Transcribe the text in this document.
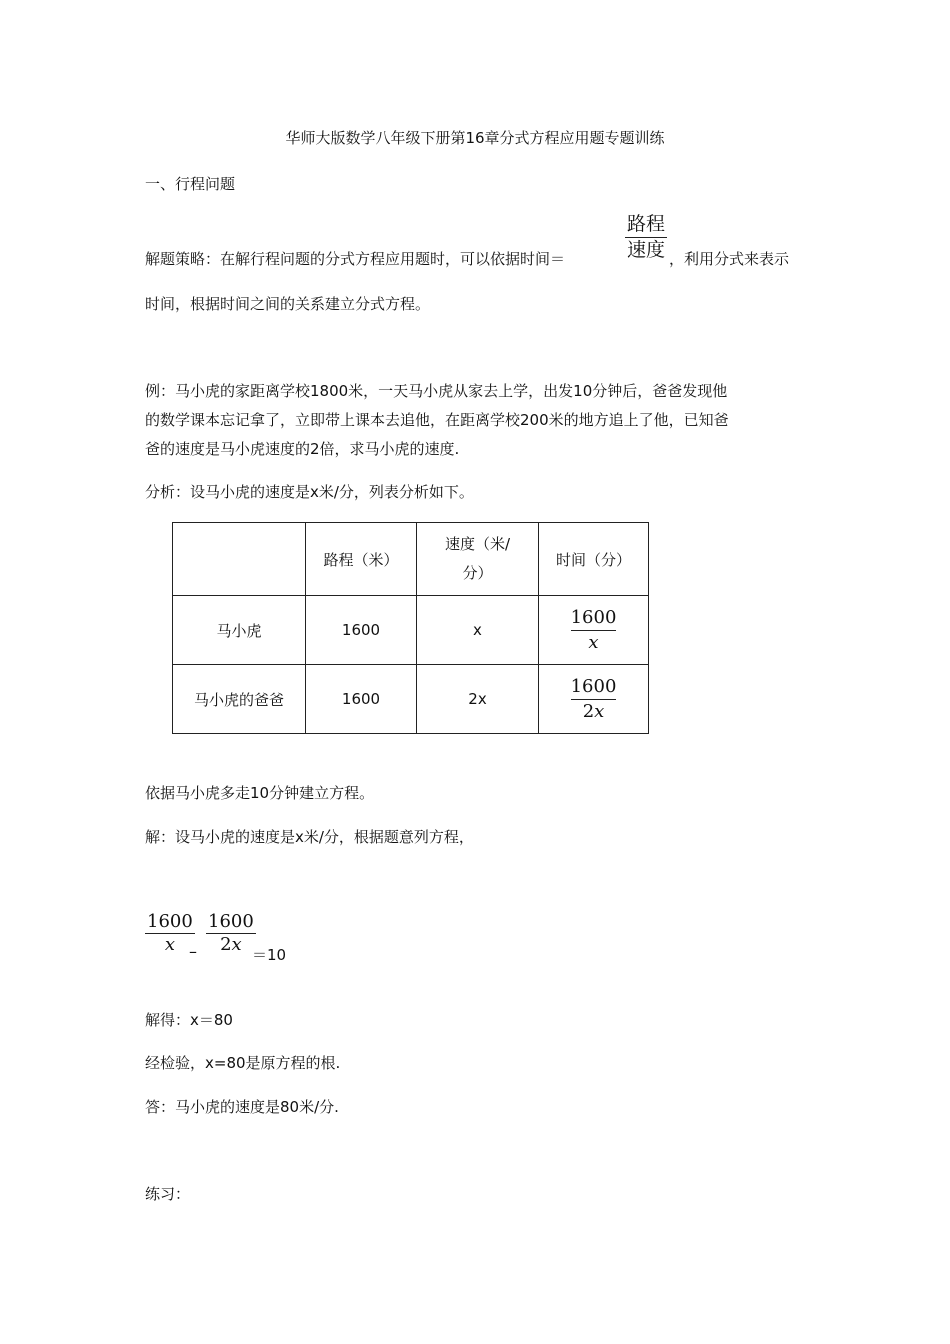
华师大版数学八年级下册第16章分式方程应用题专题训练
一、行程问题
解题策略：在解行程问题的分式方程应用题时，可以依据时间＝
路程
速度 ，利用分式来表示
时间，根据时间之间的关系建立分式方程。
例：马小虎的家距离学校1800米，一天马小虎从家去上学，出发10分钟后，爸爸发现他
的数学课本忘记拿了，立即带上课本去追他，在距离学校200米的地方追上了他，已知爸
爸的速度是马小虎速度的2倍，求马小虎的速度.
分析：设马小虎的速度是x米/分，列表分析如下。
	路程（米）	速度（米/
分）	时间（分）
马小虎	1600	x	$\frac{1600}{x}$

马小虎的爸爸	1600	2x	$\frac{1600}{2x}$
依据马小虎多走10分钟建立方程。
解：设马小虎的速度是x米/分，根据题意列方程，
1600
x –
1600
2x ＝10
解得：x＝80
经检验，x=80是原方程的根.
答：马小虎的速度是80米/分.
练习：
